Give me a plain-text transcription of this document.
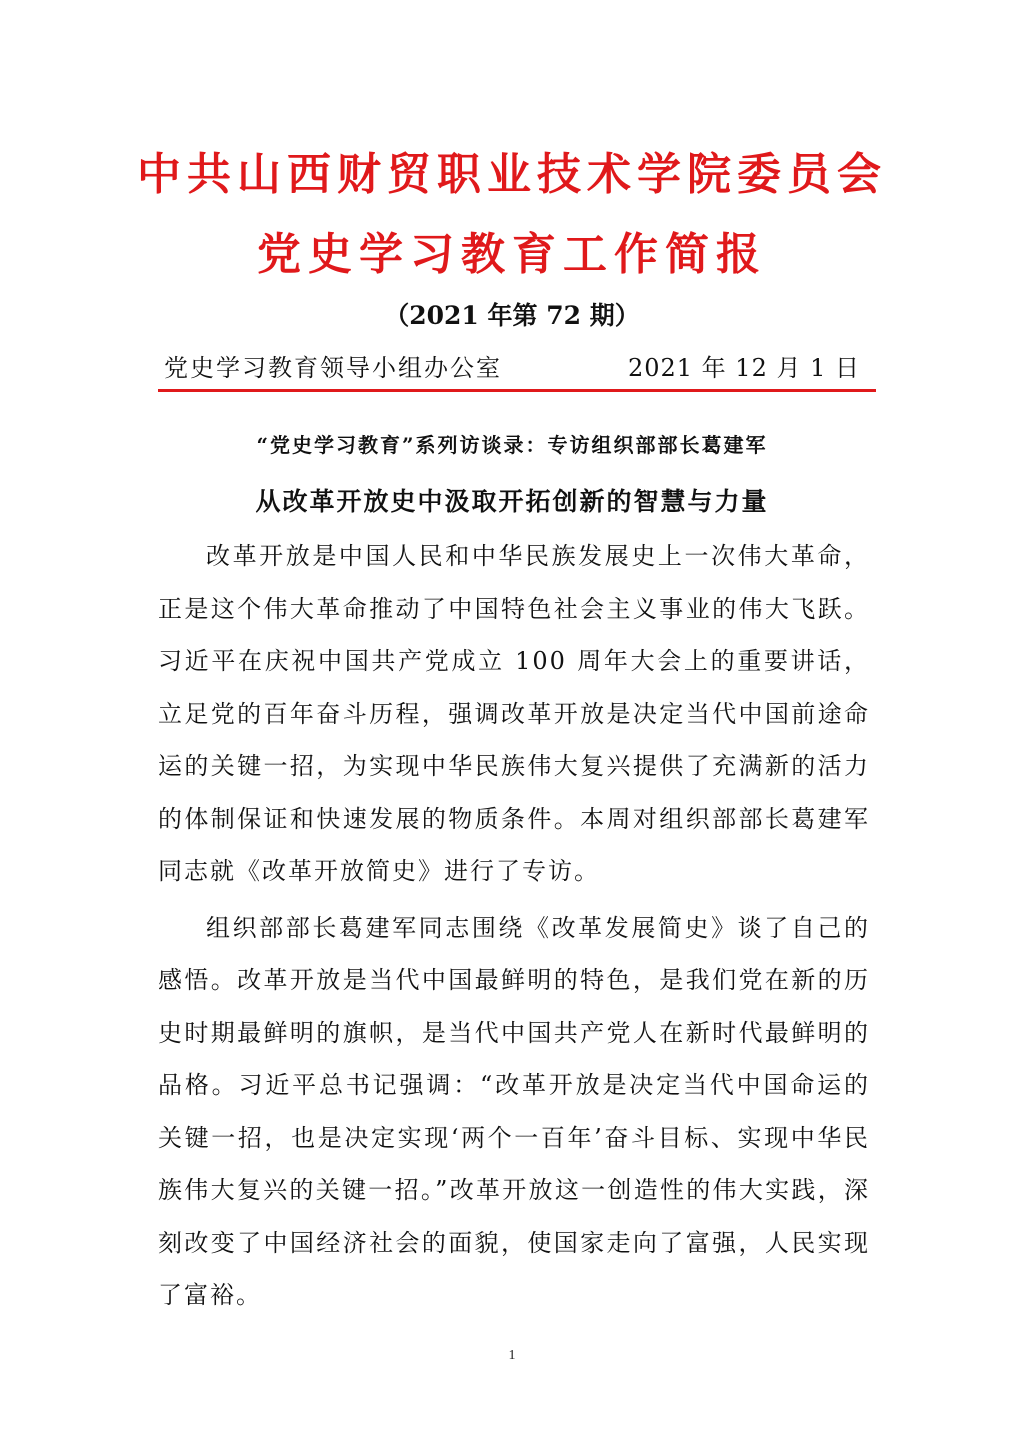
中共山西财贸职业技术学院委员会
党史学习教育工作简报
（2021 年第 72 期）
党史学习教育领导小组办公室	2021 年 12 月 1 日
“党史学习教育”系列访谈录：专访组织部部长葛建军
从改革开放史中汲取开拓创新的智慧与力量

改革开放是中国人民和中华民族发展史上一次伟大革命，正是这个伟大革命推动了中国特色社会主义事业的伟大飞跃。习近平在庆祝中国共产党成立 100 周年大会上的重要讲话，立足党的百年奋斗历程，强调改革开放是决定当代中国前途命运的关键一招，为实现中华民族伟大复兴提供了充满新的活力的体制保证和快速发展的物质条件。本周对组织部部长葛建军同志就《改革开放简史》进行了专访。

组织部部长葛建军同志围绕《改革发展简史》谈了自己的感悟。改革开放是当代中国最鲜明的特色，是我们党在新的历史时期最鲜明的旗帜，是当代中国共产党人在新时代最鲜明的品格。习近平总书记强调：“改革开放是决定当代中国命运的关键一招，也是决定实现‘两个一百年’奋斗目标、实现中华民族伟大复兴的关键一招。”改革开放这一创造性的伟大实践，深刻改变了中国经济社会的面貌，使国家走向了富强，人民实现了富裕。

1
